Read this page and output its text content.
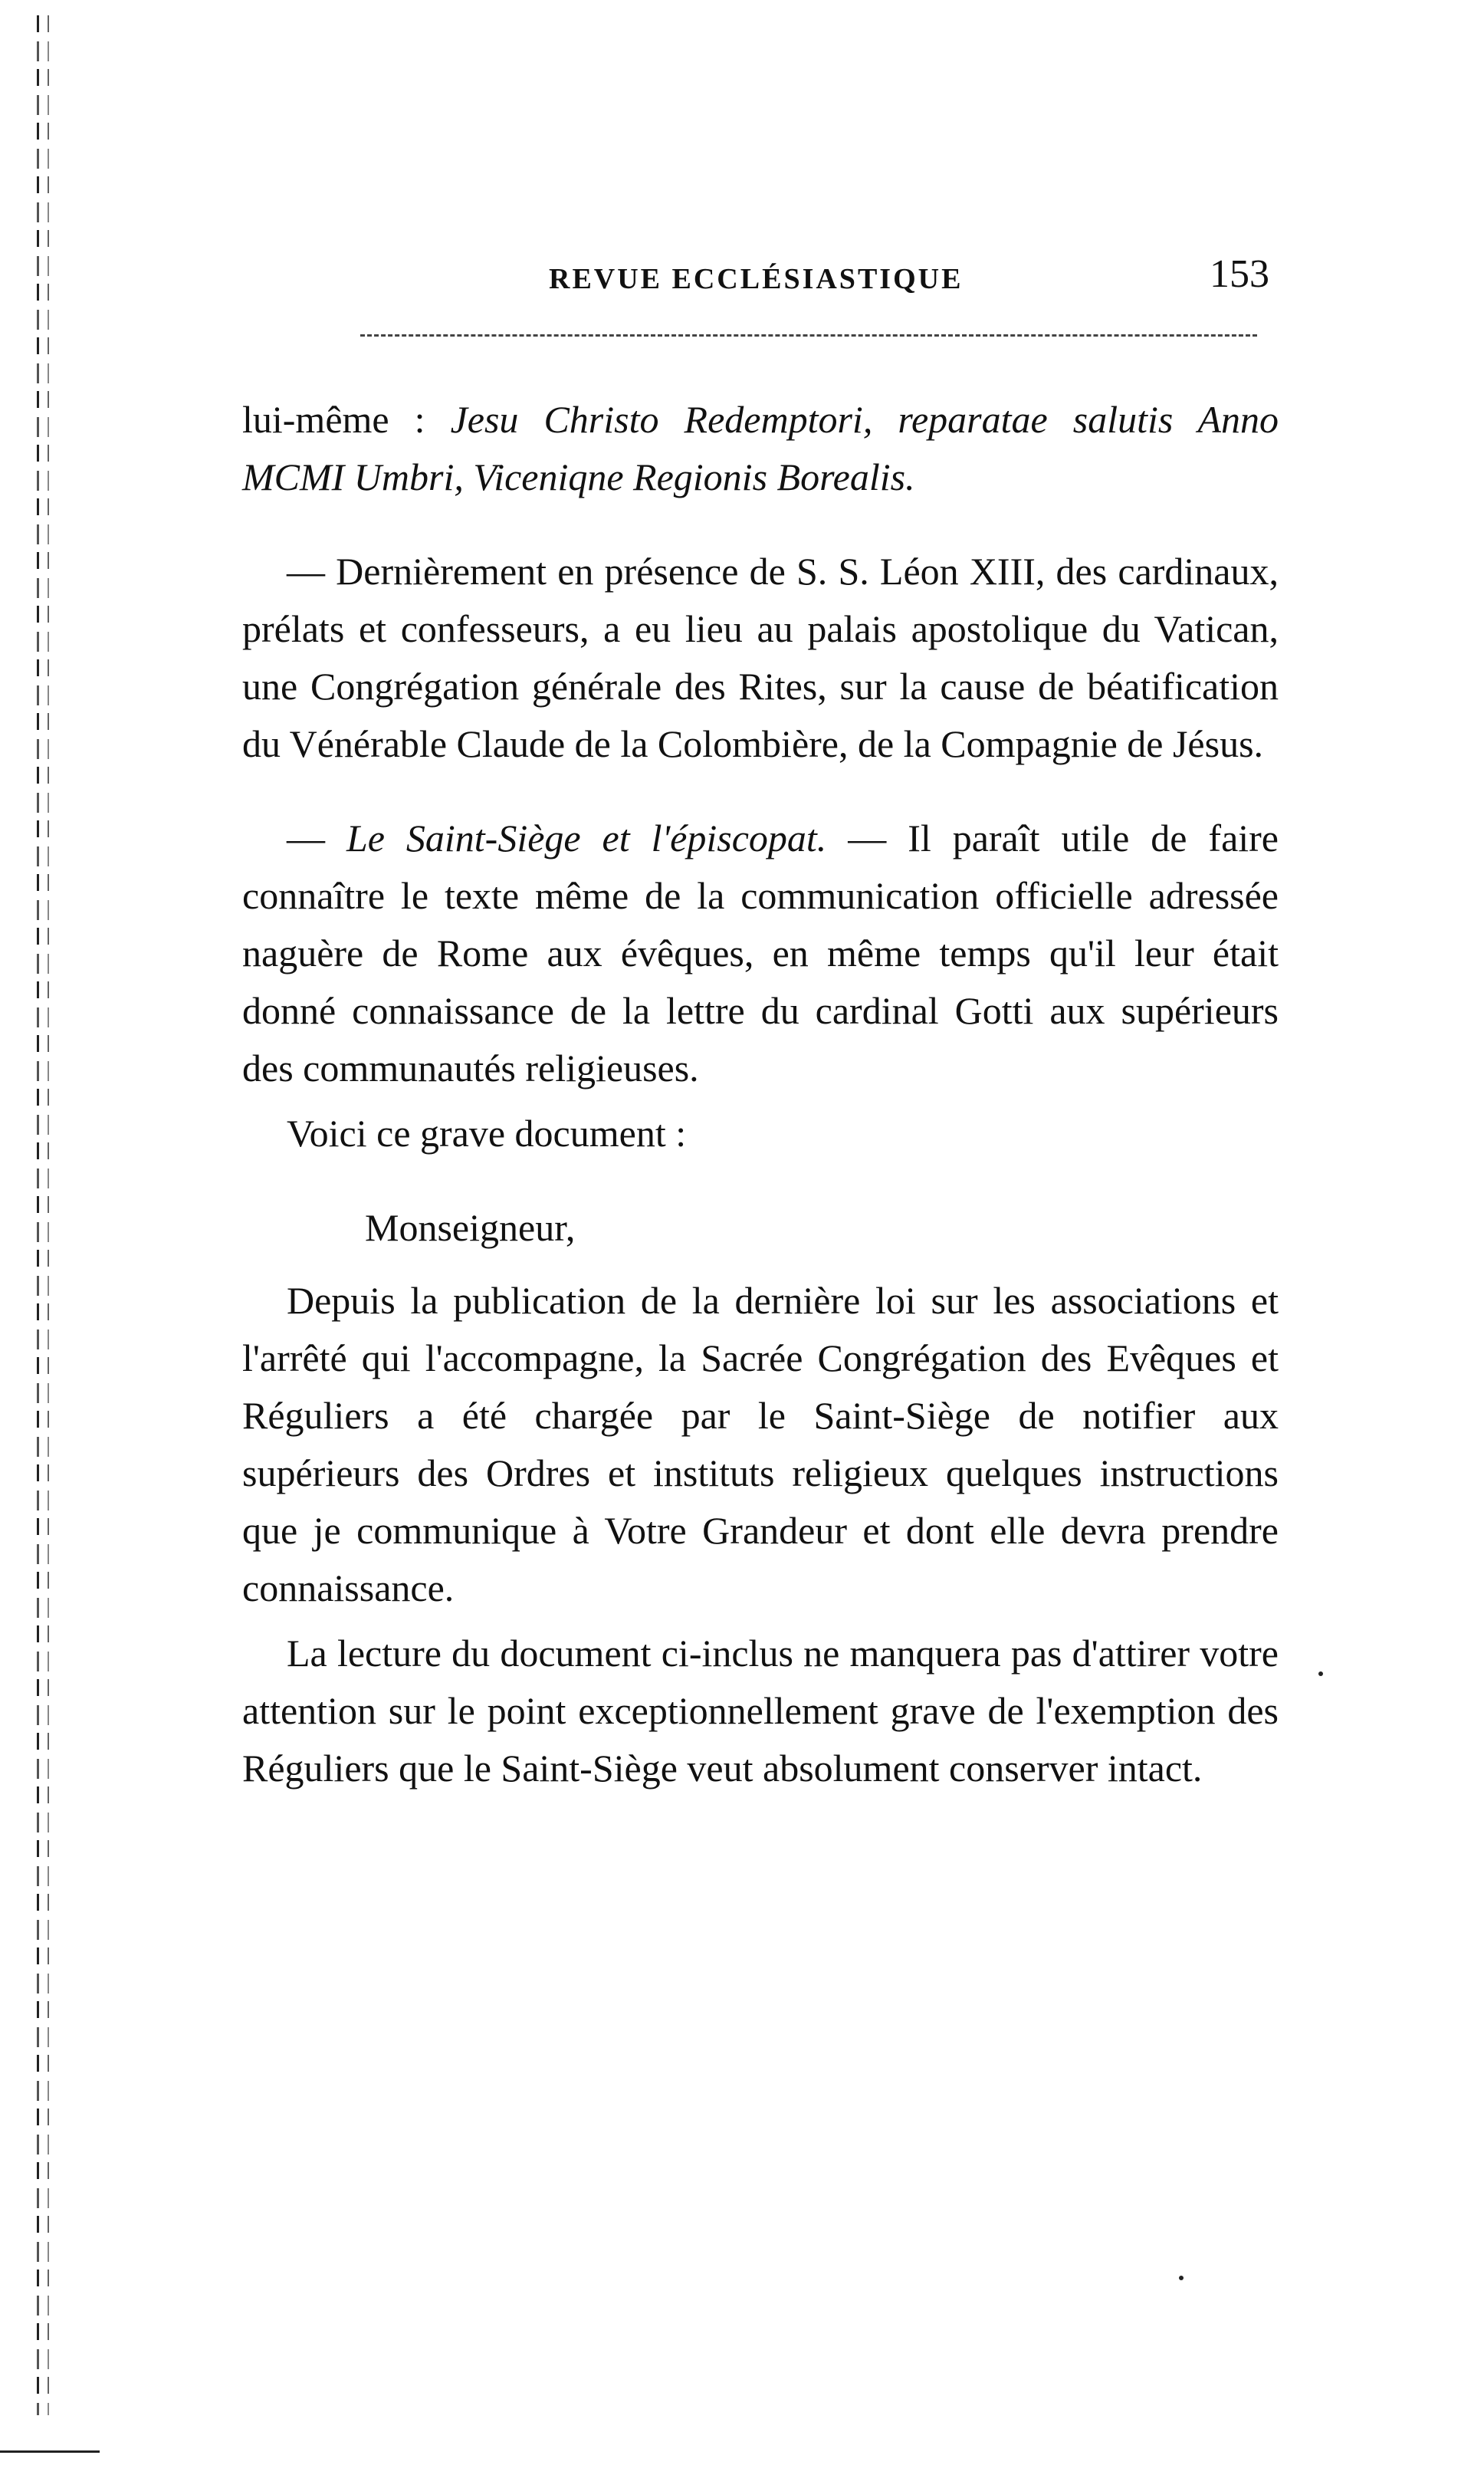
REVUE ECCLÉSIASTIQUE	153

lui-même : Jesu Christo Redemptori, reparatae salutis Anno MCMI Umbri, Viceniqne Regionis Borealis.

— Dernièrement en présence de S. S. Léon XIII, des cardinaux, prélats et confesseurs, a eu lieu au palais apostolique du Vatican, une Congrégation générale des Rites, sur la cause de béatification du Vénérable Claude de la Colombière, de la Compagnie de Jésus.

— Le Saint-Siège et l'épiscopat. — Il paraît utile de faire connaître le texte même de la communication officielle adressée naguère de Rome aux évêques, en même temps qu'il leur était donné connaissance de la lettre du cardinal Gotti aux supérieurs des communautés religieuses.

Voici ce grave document :

Monseigneur,

Depuis la publication de la dernière loi sur les associations et l'arrêté qui l'accompagne, la Sacrée Congrégation des Evêques et Réguliers a été chargée par le Saint-Siège de notifier aux supérieurs des Ordres et instituts religieux quelques instructions que je communique à Votre Grandeur et dont elle devra prendre connaissance.

La lecture du document ci-inclus ne manquera pas d'attirer votre attention sur le point exceptionnellement grave de l'exemption des Réguliers que le Saint-Siège veut absolument conserver intact.
